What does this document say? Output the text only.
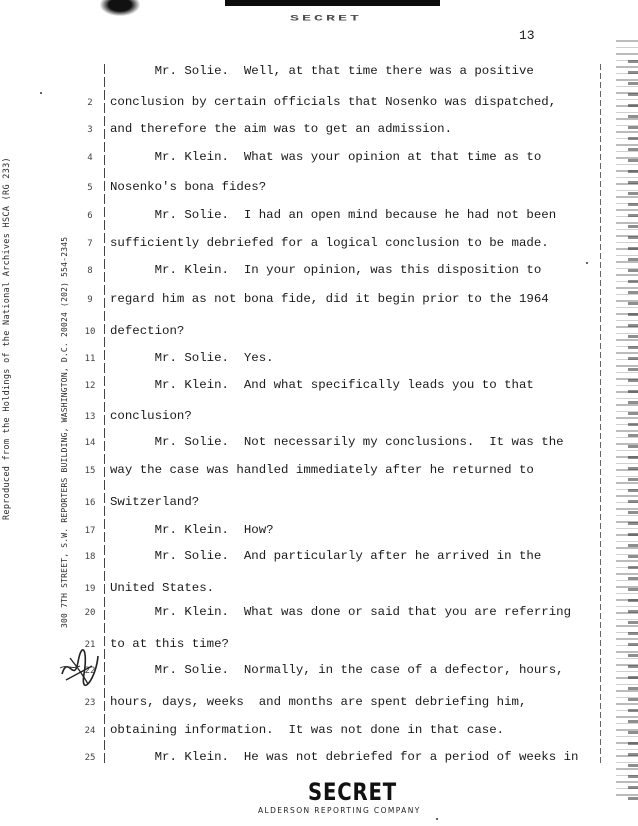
SECRET
13
Reproduced from the Holdings of the National Archives HSCA (RG 233)	300 7TH STREET, S.W. REPORTERS BUILDING, WASHINGTON, D.C. 20024 (202) 554-2345
2
3
4
5
6
7
8
9
10
11
12
13
14
15
16
17
18
19
20
21
22
23
24
25
Mr. Solie.  Well, at that time there was a positive
conclusion by certain officials that Nosenko was dispatched,
and therefore the aim was to get an admission.
Mr. Klein.  What was your opinion at that time as to
Nosenko's bona fides?
Mr. Solie.  I had an open mind because he had not been
sufficiently debriefed for a logical conclusion to be made.
Mr. Klein.  In your opinion, was this disposition to
regard him as not bona fide, did it begin prior to the 1964
defection?
Mr. Solie.  Yes.
Mr. Klein.  And what specifically leads you to that
conclusion?
Mr. Solie.  Not necessarily my conclusions.  It was the
way the case was handled immediately after he returned to
Switzerland?
Mr. Klein.  How?
Mr. Solie.  And particularly after he arrived in the
United States.
Mr. Klein.  What was done or said that you are referring
to at this time?
Mr. Solie.  Normally, in the case of a defector, hours,
hours, days, weeks  and months are spent debriefing him,
obtaining information.  It was not done in that case.
Mr. Klein.  He was not debriefed for a period of weeks in
SECRET
ALDERSON REPORTING COMPANY
